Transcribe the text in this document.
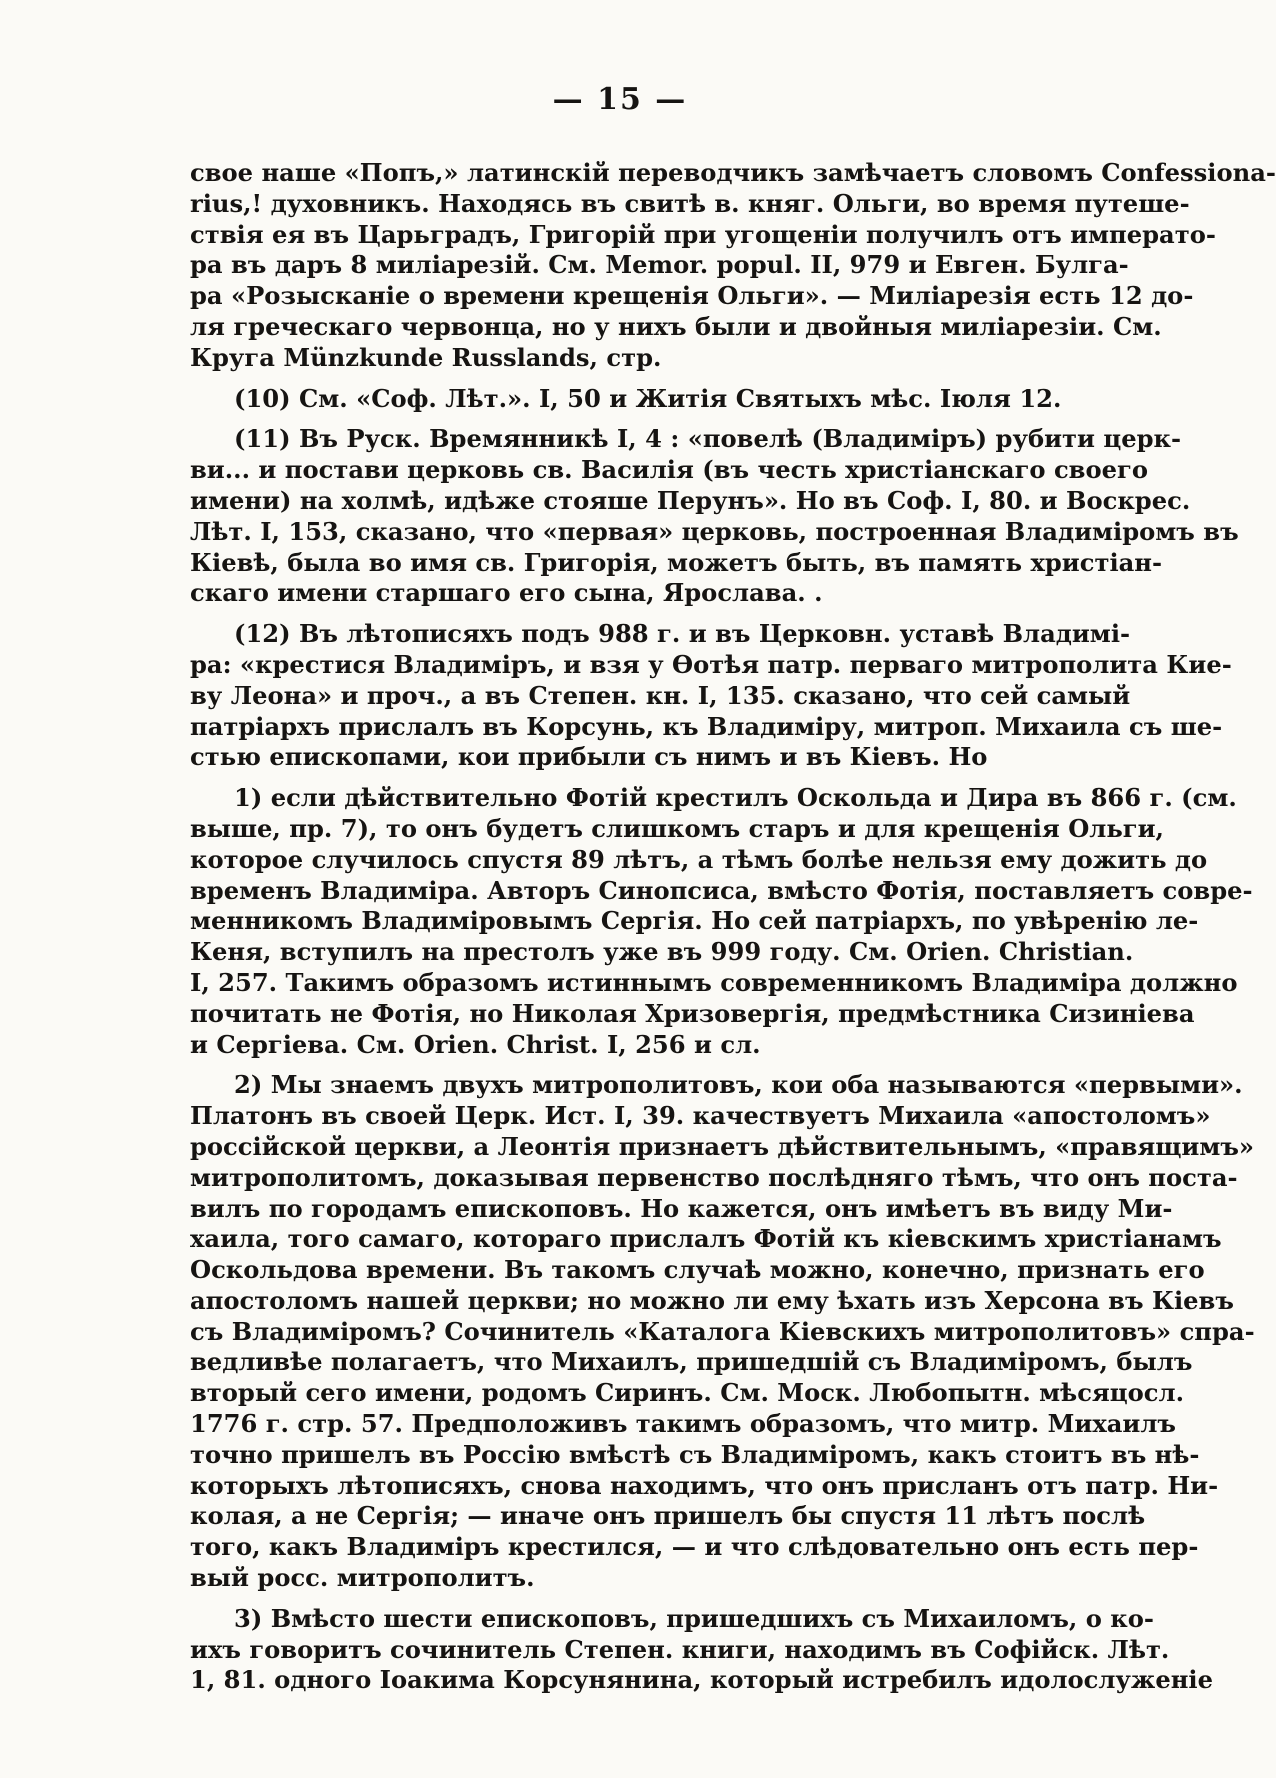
— 15 —
свое наше «Попъ,» латинскій переводчикъ замѣчаетъ словомъ Confessiona-
rius,! духовникъ. Находясь въ свитѣ в. княг. Ольги, во время путеше-
ствія ея въ Царьградъ, Григорій при угощеніи получилъ отъ императо-
ра въ даръ 8 миліарезій. См. Memor. popul. II, 979 и Евген. Булга-
ра «Розысканіе о времени крещенія Ольги». — Миліарезія есть 12 до-
ля греческаго червонца, но у нихъ были и двойныя миліарезіи. См.
Круга Münzkunde Russlands, стр.
(10) См. «Соф. Лѣт.». I, 50 и Житія Святыхъ мѣс. Іюля 12.
(11) Въ Руск. Времянникѣ I, 4 : «повелѣ (Владиміръ) рубити церк-
ви... и постави церковь св. Василія (въ честь христіанскаго своего
имени) на холмѣ, идѣже стояше Перунъ». Но въ Соф. I, 80. и Воскрес.
Лѣт. I, 153, сказано, что «первая» церковь, построенная Владиміромъ въ
Кіевѣ, была во имя св. Григорія, можетъ быть, въ память христіан-
скаго имени старшаго его сына, Ярослава. .
(12) Въ лѣтописяхъ подъ 988 г. и въ Церковн. уставѣ Владимі-
ра: «крестися Владиміръ, и взя у Ѳотѣя патр. перваго митрополита Кие-
ву Леона» и проч., а въ Степен. кн. I, 135. сказано, что сей самый
патріархъ прислалъ въ Корсунь, къ Владиміру, митроп. Михаила съ ше-
стью епископами, кои прибыли съ нимъ и въ Кіевъ. Но
1) если дѣйствительно Фотій крестилъ Оскольда и Дира въ 866 г. (см.
выше, пр. 7), то онъ будетъ слишкомъ старъ и для крещенія Ольги,
которое случилось спустя 89 лѣтъ, а тѣмъ болѣе нельзя ему дожить до
временъ Владиміра. Авторъ Синопсиса, вмѣсто Фотія, поставляетъ совре-
менникомъ Владиміровымъ Сергія. Но сей патріархъ, по увѣренію ле-
Кеня, вступилъ на престолъ уже въ 999 году. См. Orien. Christian.
I, 257. Такимъ образомъ истиннымъ современникомъ Владиміра должно
почитать не Фотія, но Николая Хризовергія, предмѣстника Сизиніева
и Сергіева. См. Orien. Christ. I, 256 и сл.
2) Мы знаемъ двухъ митрополитовъ, кои оба называются «первыми».
Платонъ въ своей Церк. Ист. I, 39. качествуетъ Михаила «апостоломъ»
россійской церкви, а Леонтія признаетъ дѣйствительнымъ, «правящимъ»
митрополитомъ, доказывая первенство послѣдняго тѣмъ, что онъ поста-
вилъ по городамъ епископовъ. Но кажется, онъ имѣетъ въ виду Ми-
хаила, того самаго, котораго прислалъ Фотій къ кіевскимъ христіанамъ
Оскольдова времени. Въ такомъ случаѣ можно, конечно, признать его
апостоломъ нашей церкви; но можно ли ему ѣхать изъ Херсона въ Кіевъ
съ Владиміромъ? Сочинитель «Каталога Кіевскихъ митрополитовъ» спра-
ведливѣе полагаетъ, что Михаилъ, пришедшій съ Владиміромъ, былъ
вторый сего имени, родомъ Сиринъ. См. Моск. Любопытн. мѣсяцосл.
1776 г. стр. 57. Предположивъ такимъ образомъ, что митр. Михаилъ
точно пришелъ въ Россію вмѣстѣ съ Владиміромъ, какъ стоитъ въ нѣ-
которыхъ лѣтописяхъ, снова находимъ, что онъ присланъ отъ патр. Ни-
колая, а не Сергія; — иначе онъ пришелъ бы спустя 11 лѣтъ послѣ
того, какъ Владиміръ крестился, — и что слѣдовательно онъ есть пер-
вый росс. митрополитъ.
3) Вмѣсто шести епископовъ, пришедшихъ съ Михаиломъ, о ко-
ихъ говоритъ сочинитель Степен. книги, находимъ въ Софійск. Лѣт.
1, 81. одного Іоакима Корсунянина, который истребилъ идолослуженіе
